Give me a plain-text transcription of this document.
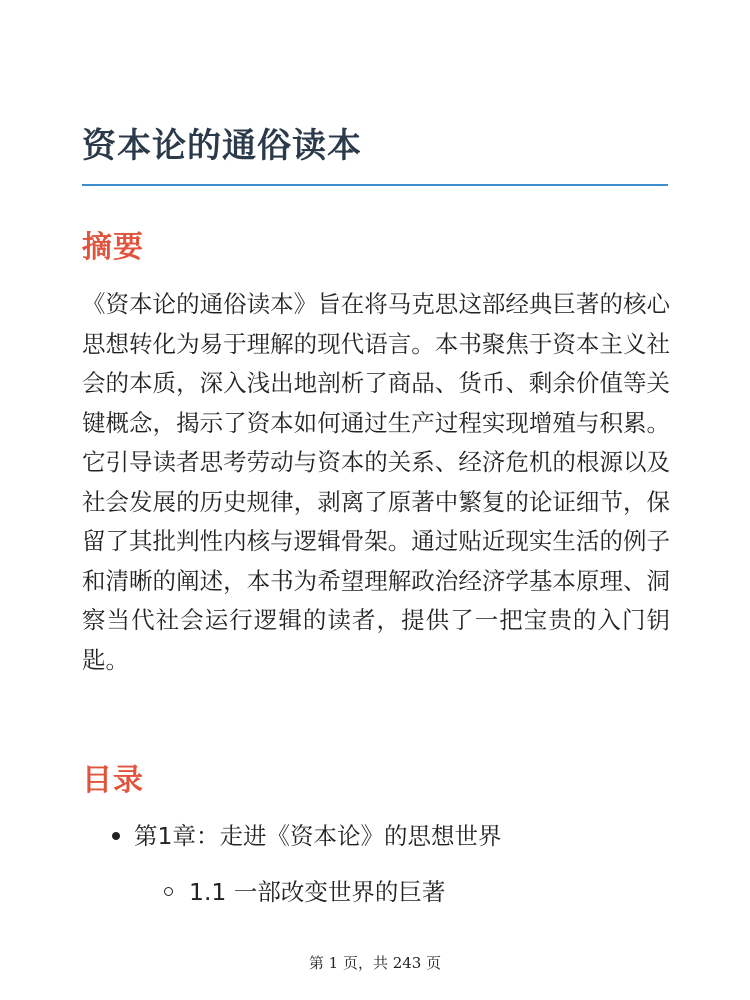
资本论的通俗读本
摘要
《资本论的通俗读本》旨在将马克思这部经典巨著的核心思想转化为易于理解的现代语言。本书聚焦于资本主义社会的本质，深入浅出地剖析了商品、货币、剩余价值等关键概念，揭示了资本如何通过生产过程实现增殖与积累。它引导读者思考劳动与资本的关系、经济危机的根源以及社会发展的历史规律，剥离了原著中繁复的论证细节，保留了其批判性内核与逻辑骨架。通过贴近现实生活的例子和清晰的阐述，本书为希望理解政治经济学基本原理、洞察当代社会运行逻辑的读者，提供了一把宝贵的入门钥匙。
目录
第1章：走进《资本论》的思想世界
1.1 一部改变世界的巨著
第 1 页，共 243 页
